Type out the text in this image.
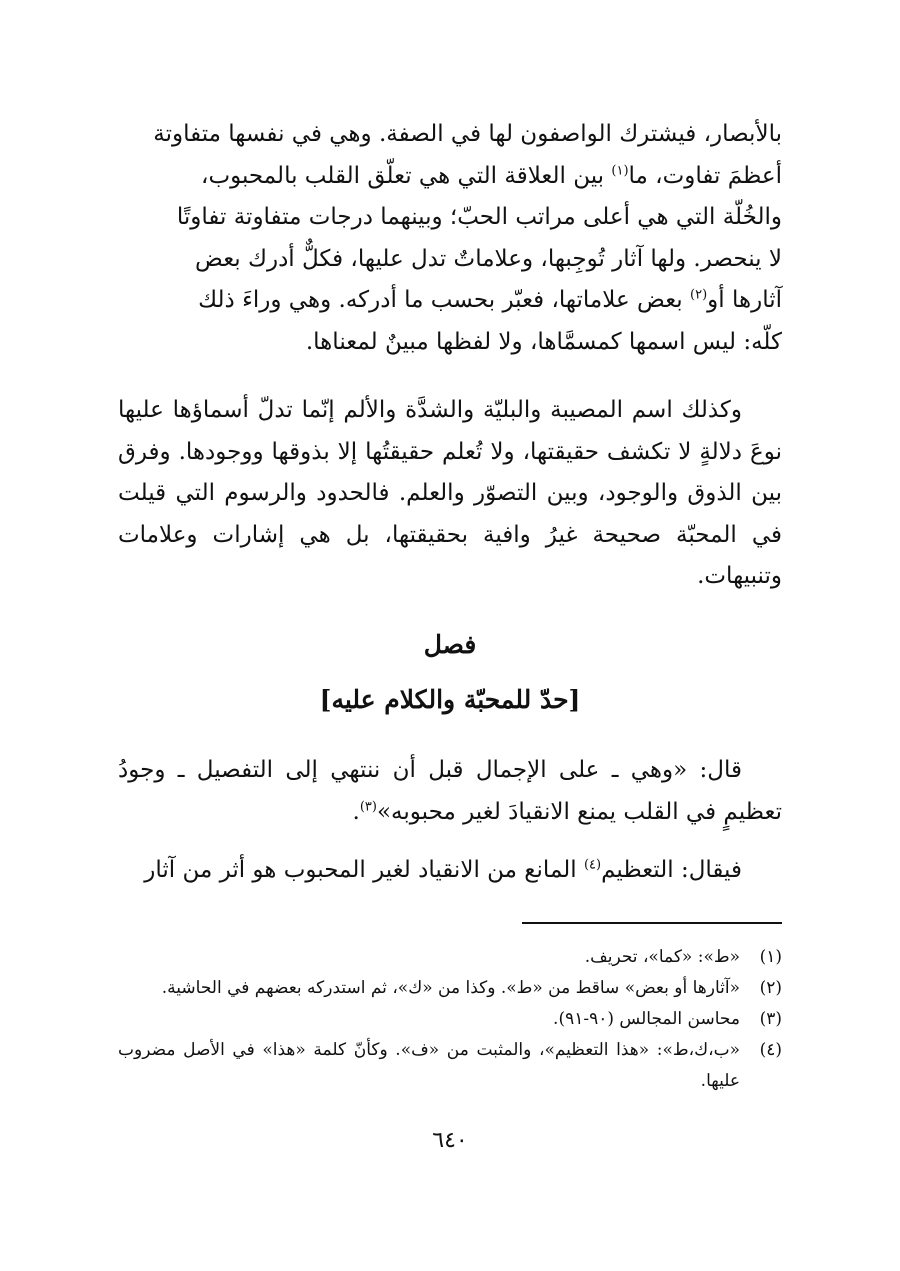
بالأبصار، فيشترك الواصفون لها في الصفة. وهي في نفسها متفاوتة
أعظمَ تفاوت، ما$^{(١)}$ بين العلاقة التي هي تعلّق القلب بالمحبوب،
والخُلّة التي هي أعلى مراتب الحبّ؛ وبينهما درجات متفاوتة تفاوتًا
لا ينحصر. ولها آثار تُوجِبها، وعلاماتٌ تدل عليها، فكلٌّ أدرك بعض
آثارها أو$^{(٢)}$ بعض علاماتها، فعبّر بحسب ما أدركه. وهي وراءَ ذلك
كلّه: ليس اسمها كمسمَّاها، ولا لفظها مبينٌ لمعناها.

وكذلك اسم المصيبة والبليّة والشدَّة والألم إنّما تدلّ أسماؤها عليها نوعَ دلالةٍ لا تكشف حقيقتها، ولا تُعلم حقيقتُها إلا بذوقها ووجودها. وفرق بين الذوق والوجود، وبين التصوّر والعلم. فالحدود والرسوم التي قيلت في المحبّة صحيحة غيرُ وافية بحقيقتها، بل هي إشارات وعلامات وتنبيهات.

فصل
[حدّ للمحبّة والكلام عليه]

قال: «وهي ـ على الإجمال قبل أن ننتهي إلى التفصيل ـ وجودُ تعظيمٍ في القلب يمنع الانقيادَ لغير محبوبه»$^{(٣)}$.

فيقال: التعظيم$^{(٤)}$ المانع من الانقياد لغير المحبوب هو أثر من آثار

(١)
«ط»: «كما»، تحريف.
(٢)
«آثارها أو بعض» ساقط من «ط». وكذا من «ك»، ثم استدركه بعضهم في الحاشية.
(٣)
محاسن المجالس (٩٠-٩١).
(٤)
«ب،ك،ط»: «هذا التعظيم»، والمثبت من «ف». وكأنّ كلمة «هذا» في الأصل مضروب عليها.
٦٤٠
